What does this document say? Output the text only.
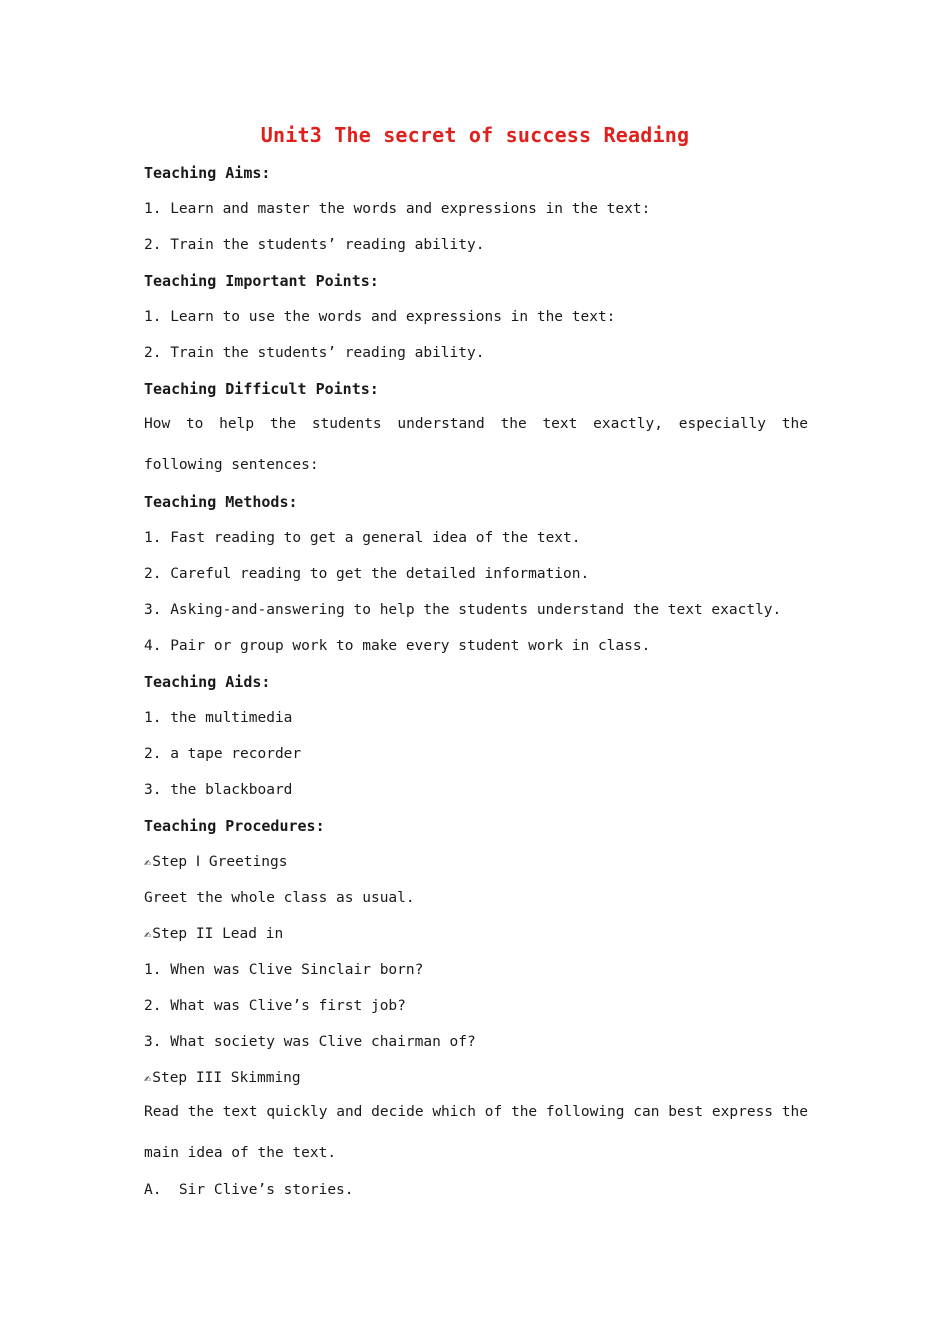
Unit3 The secret of success Reading

Teaching Aims:

1. Learn and master the words and expressions in the text:

2. Train the students’ reading ability.

Teaching Important Points:

1. Learn to use the words and expressions in the text:

2. Train the students’ reading ability.

Teaching Difficult Points:

How to help the students understand the text exactly, especially the following sentences:

Teaching Methods:

1. Fast reading to get a general idea of the text.

2. Careful reading to get the detailed information.

3. Asking-and-answering to help the students understand the text exactly.

4. Pair or group work to make every student work in class.

Teaching Aids:

1. the multimedia

2. a tape recorder

3. the blackboard

Teaching Procedures:

✍Step Ⅰ Greetings

Greet the whole class as usual.

✍Step II Lead in

1. When was Clive Sinclair born?

2. What was Clive’s first job?

3. What society was Clive chairman of?

✍Step III Skimming

Read the text quickly and decide which of the following can best express the main idea of the text.

A.  Sir Clive’s stories.
